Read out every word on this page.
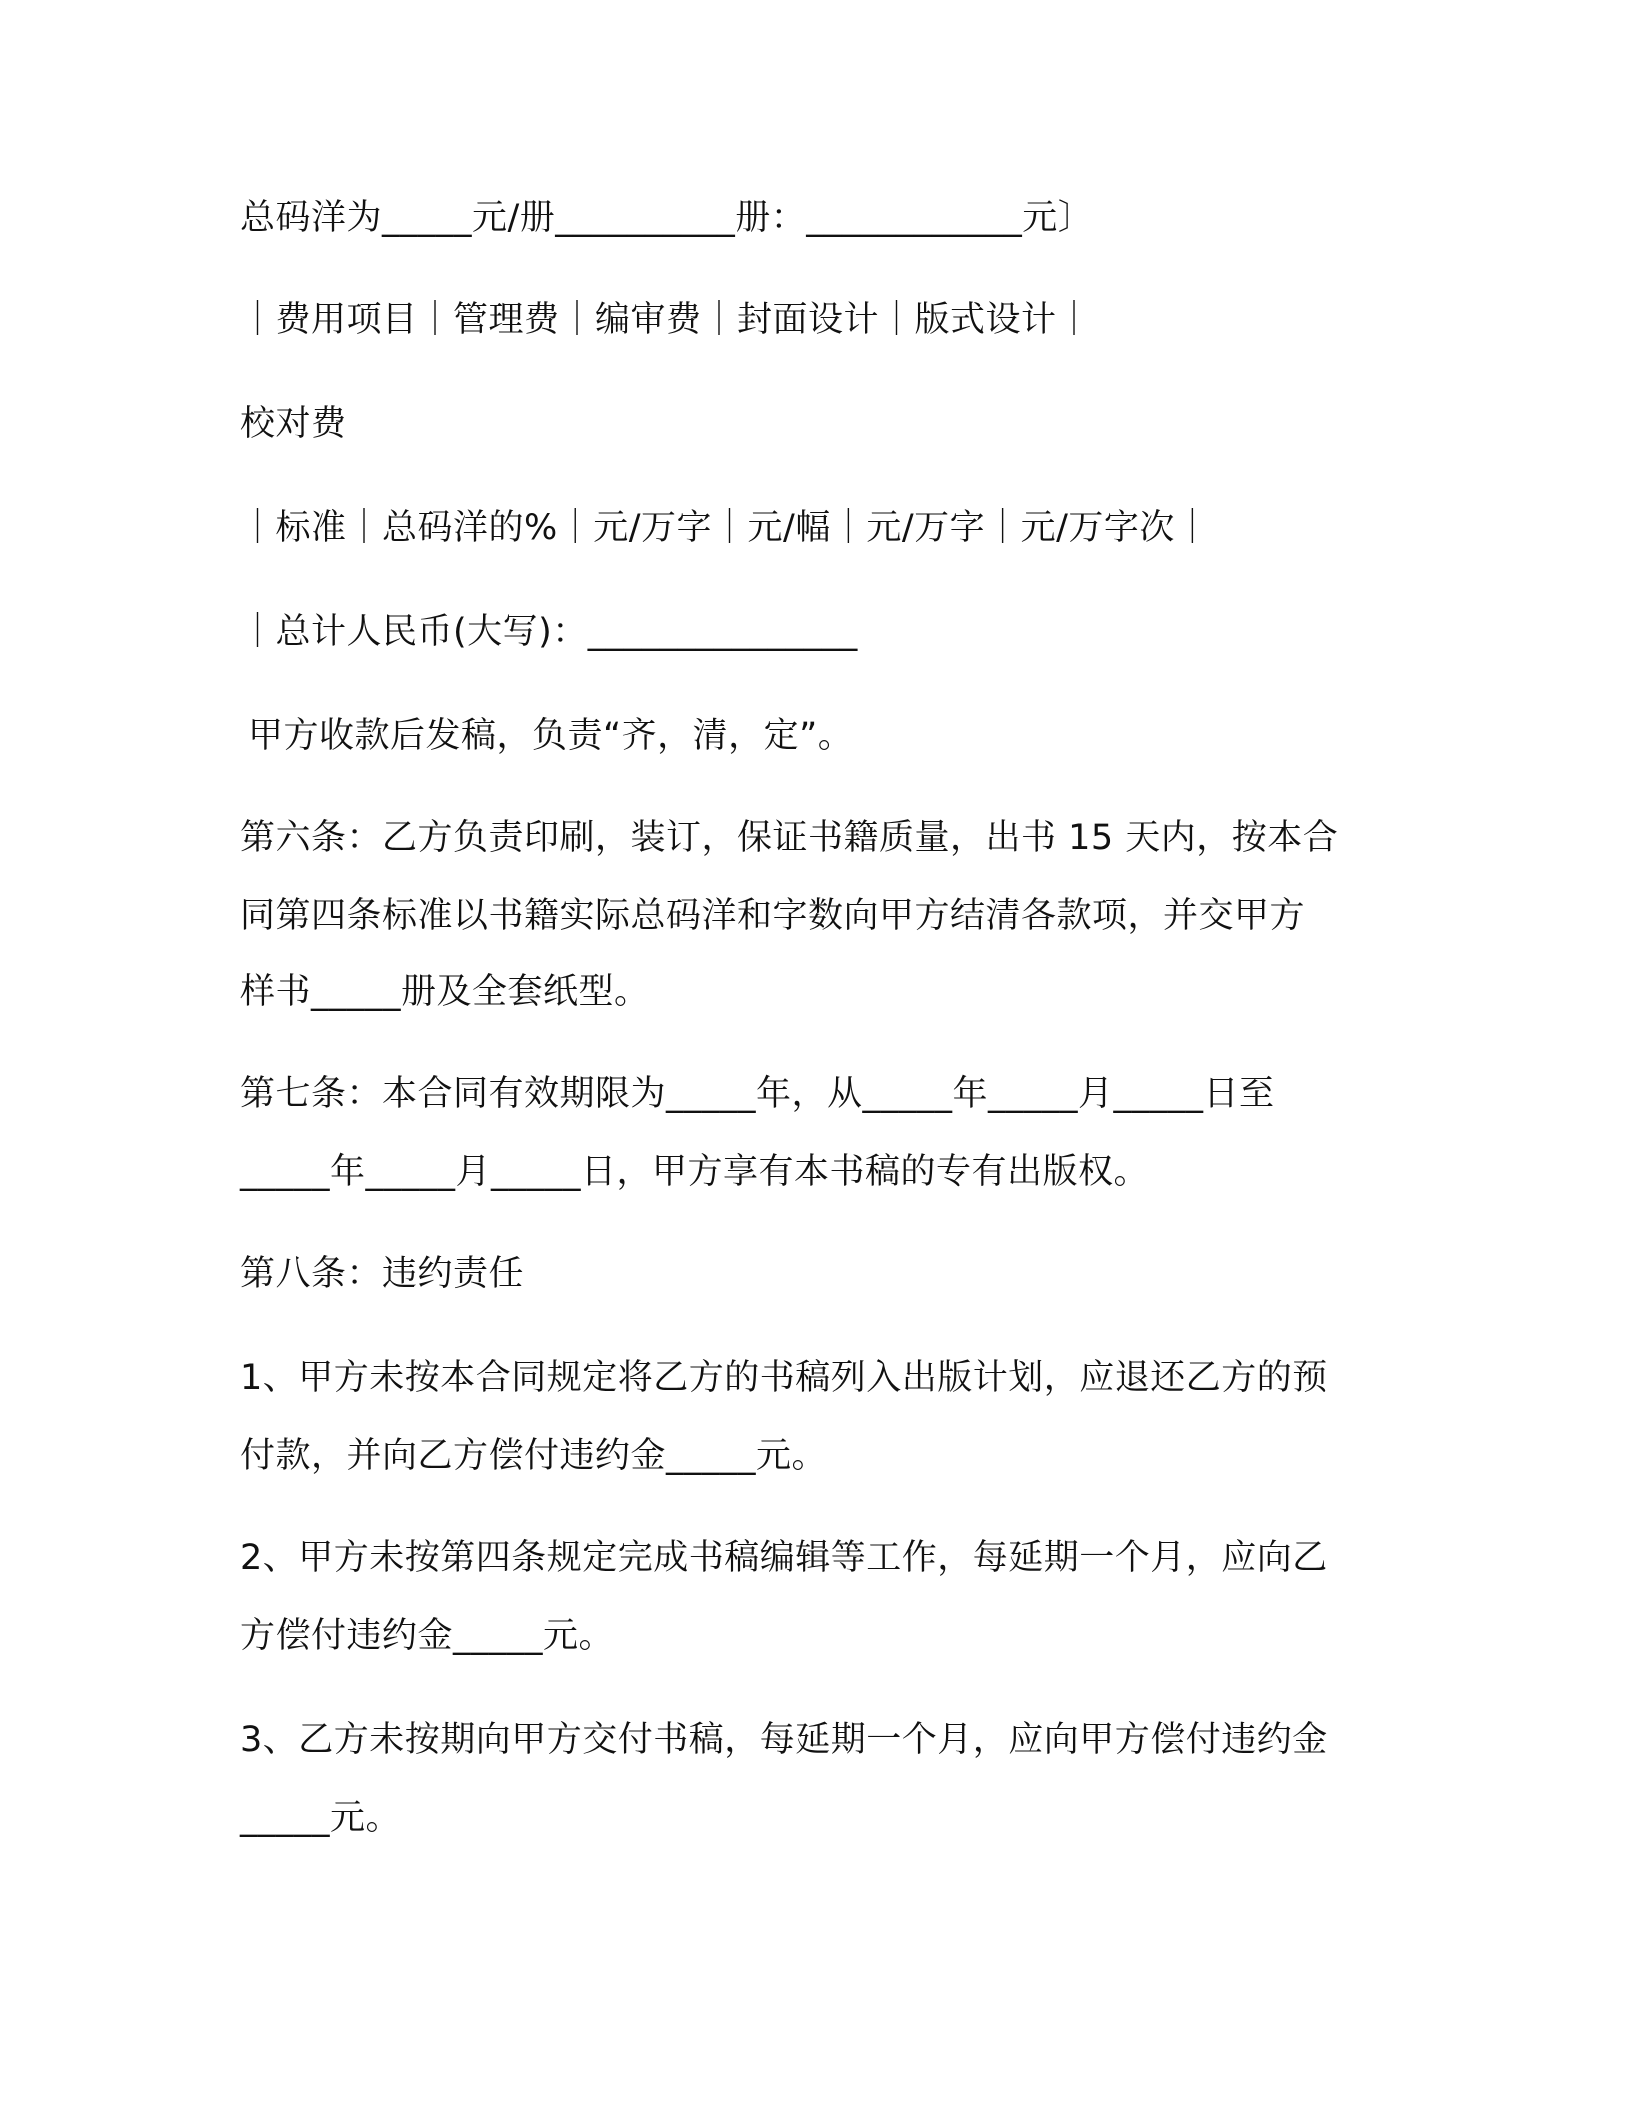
总码洋为_____元/册__________册：____________元〕
｜费用项目｜管理费｜编审费｜封面设计｜版式设计｜
校对费
｜标准｜总码洋的%｜元/万字｜元/幅｜元/万字｜元/万字次｜
｜总计人民币(大写)：_______________
甲方收款后发稿，负责“齐，清，定”。
第六条：乙方负责印刷，装订，保证书籍质量，出书 15 天内，按本合
同第四条标准以书籍实际总码洋和字数向甲方结清各款项，并交甲方
样书_____册及全套纸型。
第七条：本合同有效期限为_____年，从_____年_____月_____日至
_____年_____月_____日，甲方享有本书稿的专有出版权。
第八条：违约责任
1、甲方未按本合同规定将乙方的书稿列入出版计划，应退还乙方的预
付款，并向乙方偿付违约金_____元。
2、甲方未按第四条规定完成书稿编辑等工作，每延期一个月，应向乙
方偿付违约金_____元。
3、乙方未按期向甲方交付书稿，每延期一个月，应向甲方偿付违约金
_____元。
